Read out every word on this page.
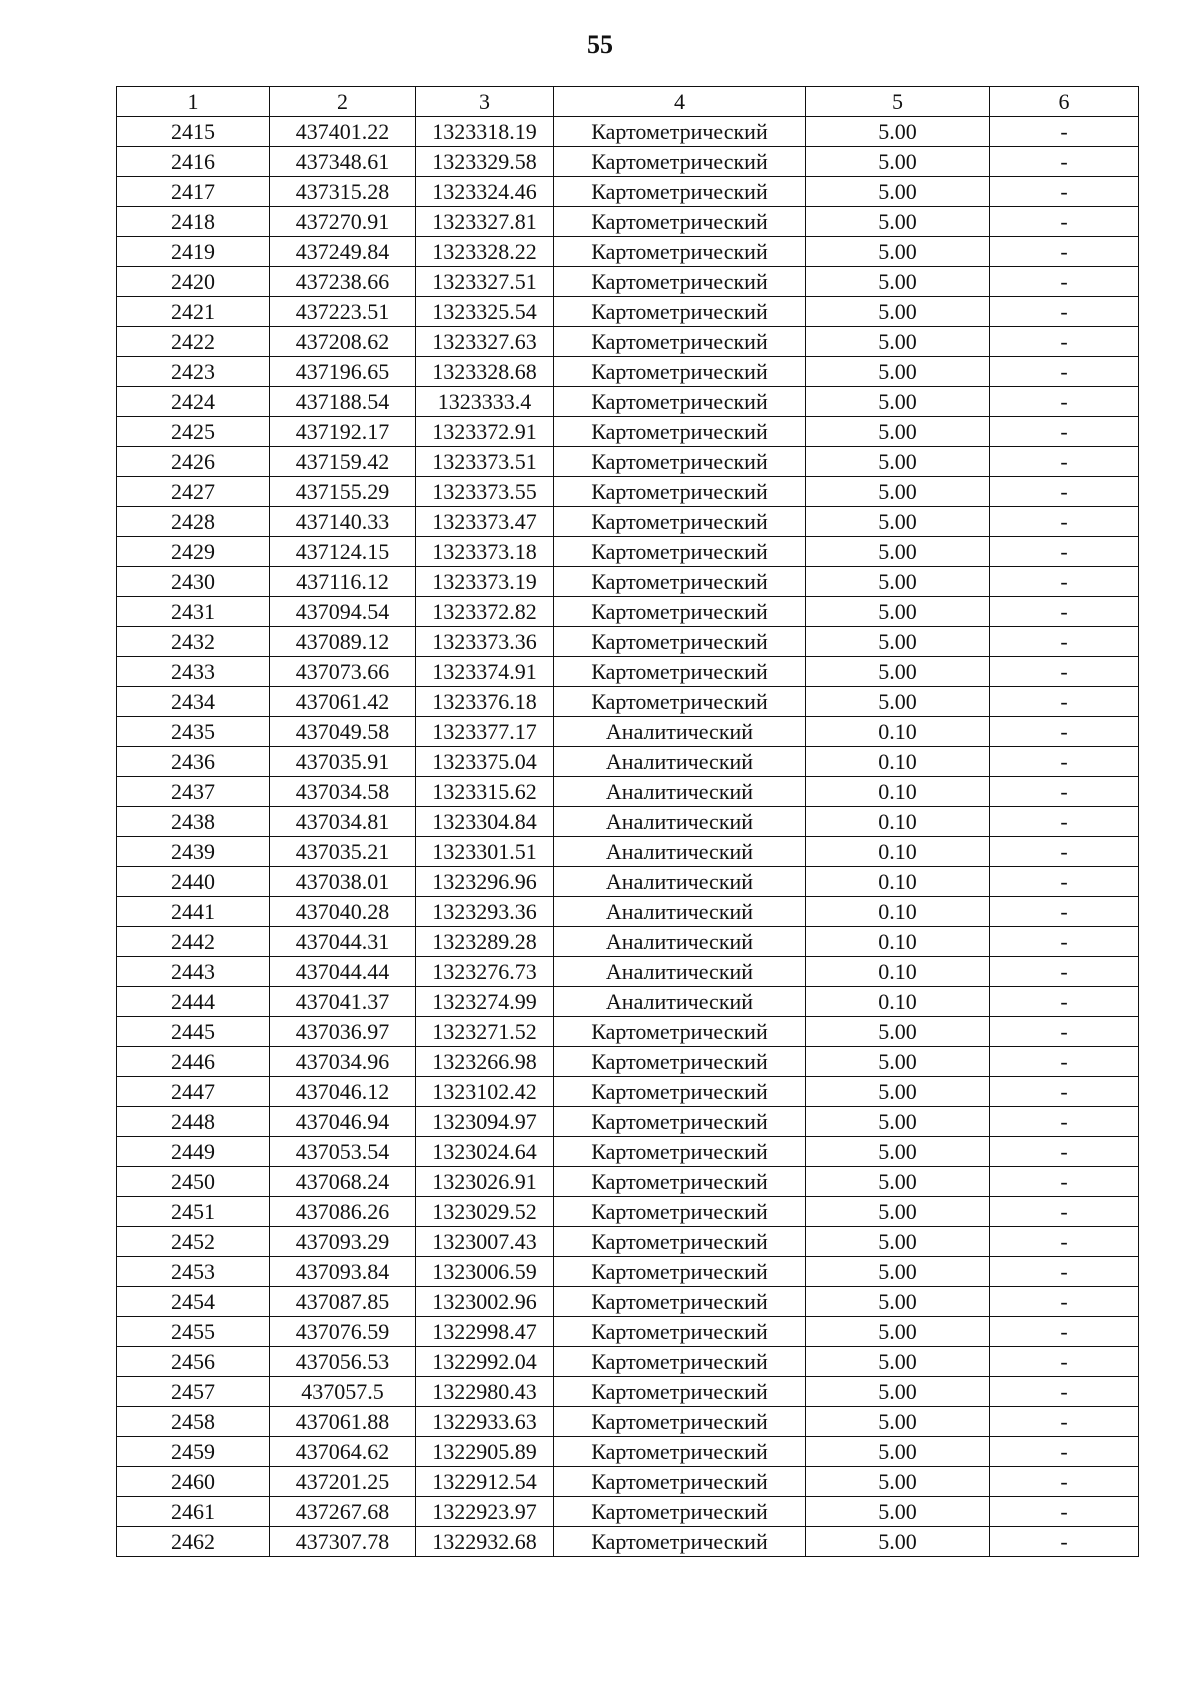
55
1	2	3	4	5	6
2415	437401.22	1323318.19	Картометрический	5.00	-
2416	437348.61	1323329.58	Картометрический	5.00	-
2417	437315.28	1323324.46	Картометрический	5.00	-
2418	437270.91	1323327.81	Картометрический	5.00	-
2419	437249.84	1323328.22	Картометрический	5.00	-
2420	437238.66	1323327.51	Картометрический	5.00	-
2421	437223.51	1323325.54	Картометрический	5.00	-
2422	437208.62	1323327.63	Картометрический	5.00	-
2423	437196.65	1323328.68	Картометрический	5.00	-
2424	437188.54	1323333.4	Картометрический	5.00	-
2425	437192.17	1323372.91	Картометрический	5.00	-
2426	437159.42	1323373.51	Картометрический	5.00	-
2427	437155.29	1323373.55	Картометрический	5.00	-
2428	437140.33	1323373.47	Картометрический	5.00	-
2429	437124.15	1323373.18	Картометрический	5.00	-
2430	437116.12	1323373.19	Картометрический	5.00	-
2431	437094.54	1323372.82	Картометрический	5.00	-
2432	437089.12	1323373.36	Картометрический	5.00	-
2433	437073.66	1323374.91	Картометрический	5.00	-
2434	437061.42	1323376.18	Картометрический	5.00	-
2435	437049.58	1323377.17	Аналитический	0.10	-
2436	437035.91	1323375.04	Аналитический	0.10	-
2437	437034.58	1323315.62	Аналитический	0.10	-
2438	437034.81	1323304.84	Аналитический	0.10	-
2439	437035.21	1323301.51	Аналитический	0.10	-
2440	437038.01	1323296.96	Аналитический	0.10	-
2441	437040.28	1323293.36	Аналитический	0.10	-
2442	437044.31	1323289.28	Аналитический	0.10	-
2443	437044.44	1323276.73	Аналитический	0.10	-
2444	437041.37	1323274.99	Аналитический	0.10	-
2445	437036.97	1323271.52	Картометрический	5.00	-
2446	437034.96	1323266.98	Картометрический	5.00	-
2447	437046.12	1323102.42	Картометрический	5.00	-
2448	437046.94	1323094.97	Картометрический	5.00	-
2449	437053.54	1323024.64	Картометрический	5.00	-
2450	437068.24	1323026.91	Картометрический	5.00	-
2451	437086.26	1323029.52	Картометрический	5.00	-
2452	437093.29	1323007.43	Картометрический	5.00	-
2453	437093.84	1323006.59	Картометрический	5.00	-
2454	437087.85	1323002.96	Картометрический	5.00	-
2455	437076.59	1322998.47	Картометрический	5.00	-
2456	437056.53	1322992.04	Картометрический	5.00	-
2457	437057.5	1322980.43	Картометрический	5.00	-
2458	437061.88	1322933.63	Картометрический	5.00	-
2459	437064.62	1322905.89	Картометрический	5.00	-
2460	437201.25	1322912.54	Картометрический	5.00	-
2461	437267.68	1322923.97	Картометрический	5.00	-
2462	437307.78	1322932.68	Картометрический	5.00	-
